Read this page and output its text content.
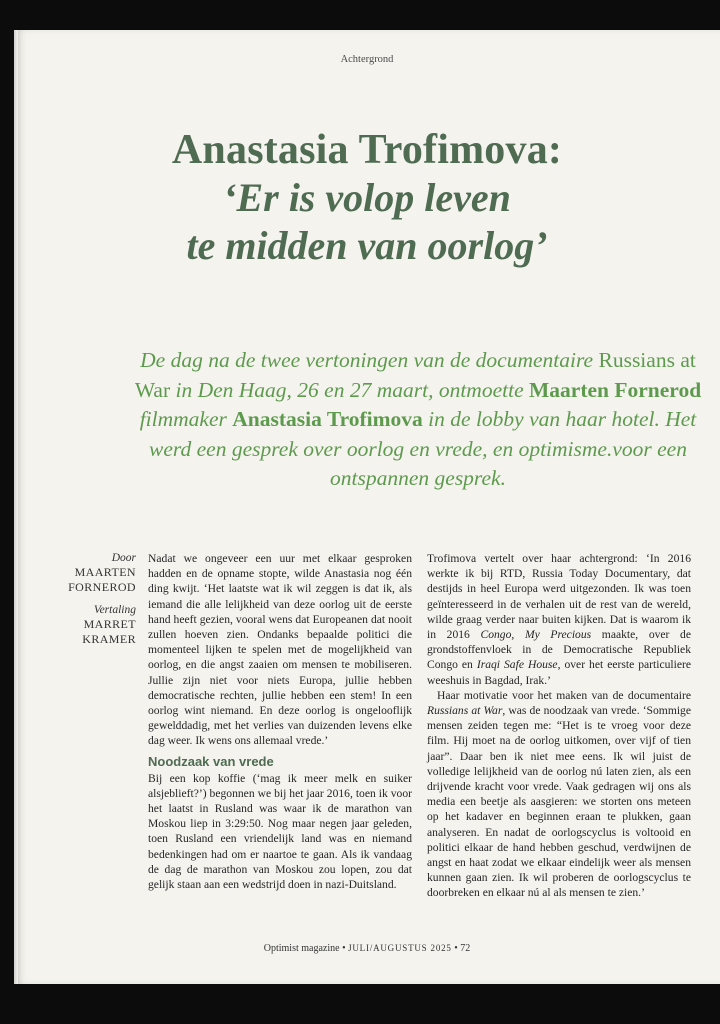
Achtergrond
Anastasia Trofimova:
‘Er is volop leven
te midden van oorlog’
De dag na de twee vertoningen van de documentaire Russians at War in Den Haag, 26 en 27 maart, ontmoette Maarten Fornerod filmmaker Anastasia Trofimova in de lobby van haar hotel. Het werd een gesprek over oorlog en vrede, en optimisme.voor een ontspannen gesprek.
Door
MAARTEN
FORNEROD
Vertaling
MARRET
KRAMER

Nadat we ongeveer een uur met elkaar gesproken hadden en de opname stopte, wilde Anastasia nog één ding kwijt. ‘Het laatste wat ik wil zeggen is dat ik, als iemand die alle lelijkheid van deze oorlog uit de eerste hand heeft gezien, vooral wens dat Europeanen dat nooit zullen hoeven zien. Ondanks bepaalde politici die momenteel lijken te spelen met de mogelijkheid van oorlog, en die angst zaaien om mensen te mobiliseren. Jullie zijn niet voor niets Europa, jullie hebben democratische rechten, jullie hebben een stem! In een oorlog wint niemand. En deze oorlog is ongelooflijk gewelddadig, met het verlies van duizenden levens elke dag weer. Ik wens ons allemaal vrede.’

Noodzaak van vrede

Bij een kop koffie (‘mag ik meer melk en suiker alsjeblieft?’) begonnen we bij het jaar 2016, toen ik voor het laatst in Rusland was waar ik de marathon van Moskou liep in 3:29:50. Nog maar negen jaar geleden, toen Rusland een vriendelijk land was en niemand bedenkingen had om er naartoe te gaan. Als ik vandaag de dag de marathon van Moskou zou lopen, zou dat gelijk staan aan een wedstrijd doen in nazi-Duitsland.

Trofimova vertelt over haar achtergrond: ‘In 2016 werkte ik bij RTD, Russia Today Documentary, dat destijds in heel Europa werd uitgezonden. Ik was toen geïnteresseerd in de verhalen uit de rest van de wereld, wilde graag verder naar buiten kijken. Dat is waarom ik in 2016 Congo, My Precious maakte, over de grondstoffenvloek in de Democratische Republiek Congo en Iraqi Safe House, over het eerste particuliere weeshuis in Bagdad, Irak.’

Haar motivatie voor het maken van de documentaire Russians at War, was de noodzaak van vrede. ‘Sommige mensen zeiden tegen me: “Het is te vroeg voor deze film. Hij moet na de oorlog uitkomen, over vijf of tien jaar”. Daar ben ik niet mee eens. Ik wil juist de volledige lelijkheid van de oorlog nú laten zien, als een drijvende kracht voor vrede. Vaak gedragen wij ons als media een beetje als aasgieren: we storten ons meteen op het kadaver en beginnen eraan te plukken, gaan analyseren. En nadat de oorlogscyclus is voltooid en politici elkaar de hand hebben geschud, verdwijnen de angst en haat zodat we elkaar eindelijk weer als mensen kunnen gaan zien. Ik wil proberen de oorlogscyclus te doorbreken en elkaar nú al als mensen te zien.’

Optimist magazine • JULI/AUGUSTUS 2025 • 72
